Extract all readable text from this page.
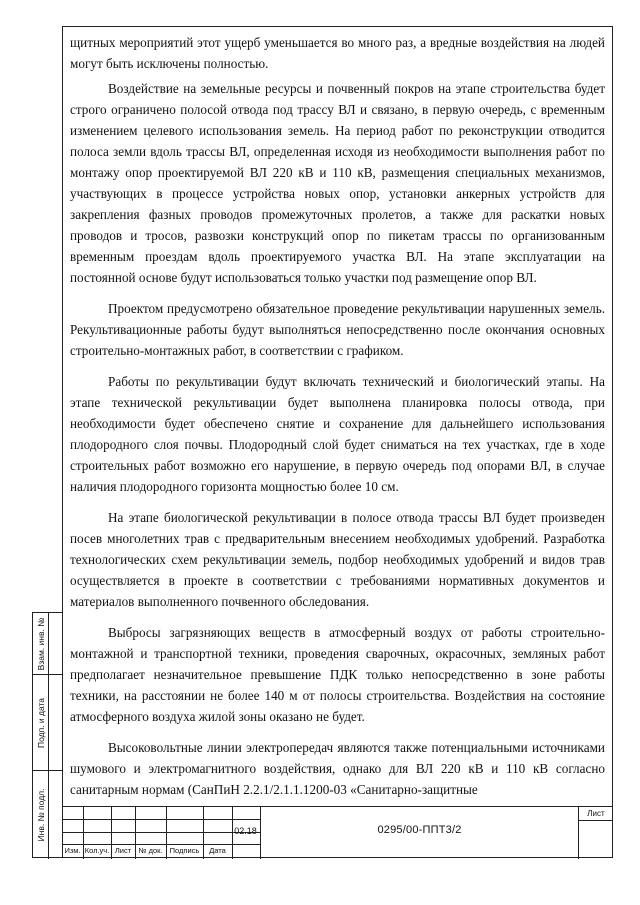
щитных мероприятий этот ущерб уменьшается во много раз, а вредные воздействия на людей могут быть исключены полностью.

Воздействие на земельные ресурсы и почвенный покров на этапе строительства будет строго ограничено полосой отвода под трассу ВЛ и связано, в первую очередь, с временным изменением целевого использования земель. На период работ по реконструкции отводится полоса земли вдоль трассы ВЛ, определенная исходя из необходимости выполнения работ по монтажу опор проектируемой ВЛ 220 кВ и 110 кВ, размещения специальных механизмов, участвующих в процессе устройства новых опор, установки анкерных устройств для закрепления фазных проводов промежуточных пролетов, а также для раскатки новых проводов и тросов, развозки конструкций опор по пикетам трассы по организованным временным проездам вдоль проектируемого участка ВЛ. На этапе эксплуатации на постоянной основе будут использоваться только участки под размещение опор ВЛ.

Проектом предусмотрено обязательное проведение рекультивации нарушенных земель. Рекультивационные работы будут выполняться непосредственно после окончания основных строительно-монтажных работ, в соответствии с графиком.

Работы по рекультивации будут включать технический и биологический этапы. На этапе технической рекультивации будет выполнена планировка полосы отвода, при необходимости будет обеспечено снятие и сохранение для дальнейшего использования плодородного слоя почвы. Плодородный слой будет сниматься на тех участках, где в ходе строительных работ возможно его нарушение, в первую очередь под опорами ВЛ, в случае наличия плодородного горизонта мощностью более 10 см.

На этапе биологической рекультивации в полосе отвода трассы ВЛ будет произведен посев многолетних трав с предварительным внесением необходимых удобрений. Разработка технологических схем рекультивации земель, подбор необходимых удобрений и видов трав осуществляется в проекте в соответствии с требованиями нормативных документов и материалов выполненного почвенного обследования.

Выбросы загрязняющих веществ в атмосферный воздух от работы строительно-монтажной и транспортной техники, проведения сварочных, окрасочных, земляных работ предполагает незначительное превышение ПДК только непосредственно в зоне работы техники, на расстоянии не более 140 м от полосы строительства. Воздействия на состояние атмосферного воздуха жилой зоны оказано не будет.

Высоковольтные линии электропередач являются также потенциальными источниками шумового и электромагнитного воздействия, однако для ВЛ 220 кВ и 110 кВ согласно санитарным нормам (СанПиН 2.2.1/2.1.1.1200-03 «Санитарно-защитные

Взам. инв. №
Подп. и дата
Инв. № подл.	02.18
Изм. Кол.уч. Лист № док. Подпись	Дата
0295/00-ППТ3/2
Лист
